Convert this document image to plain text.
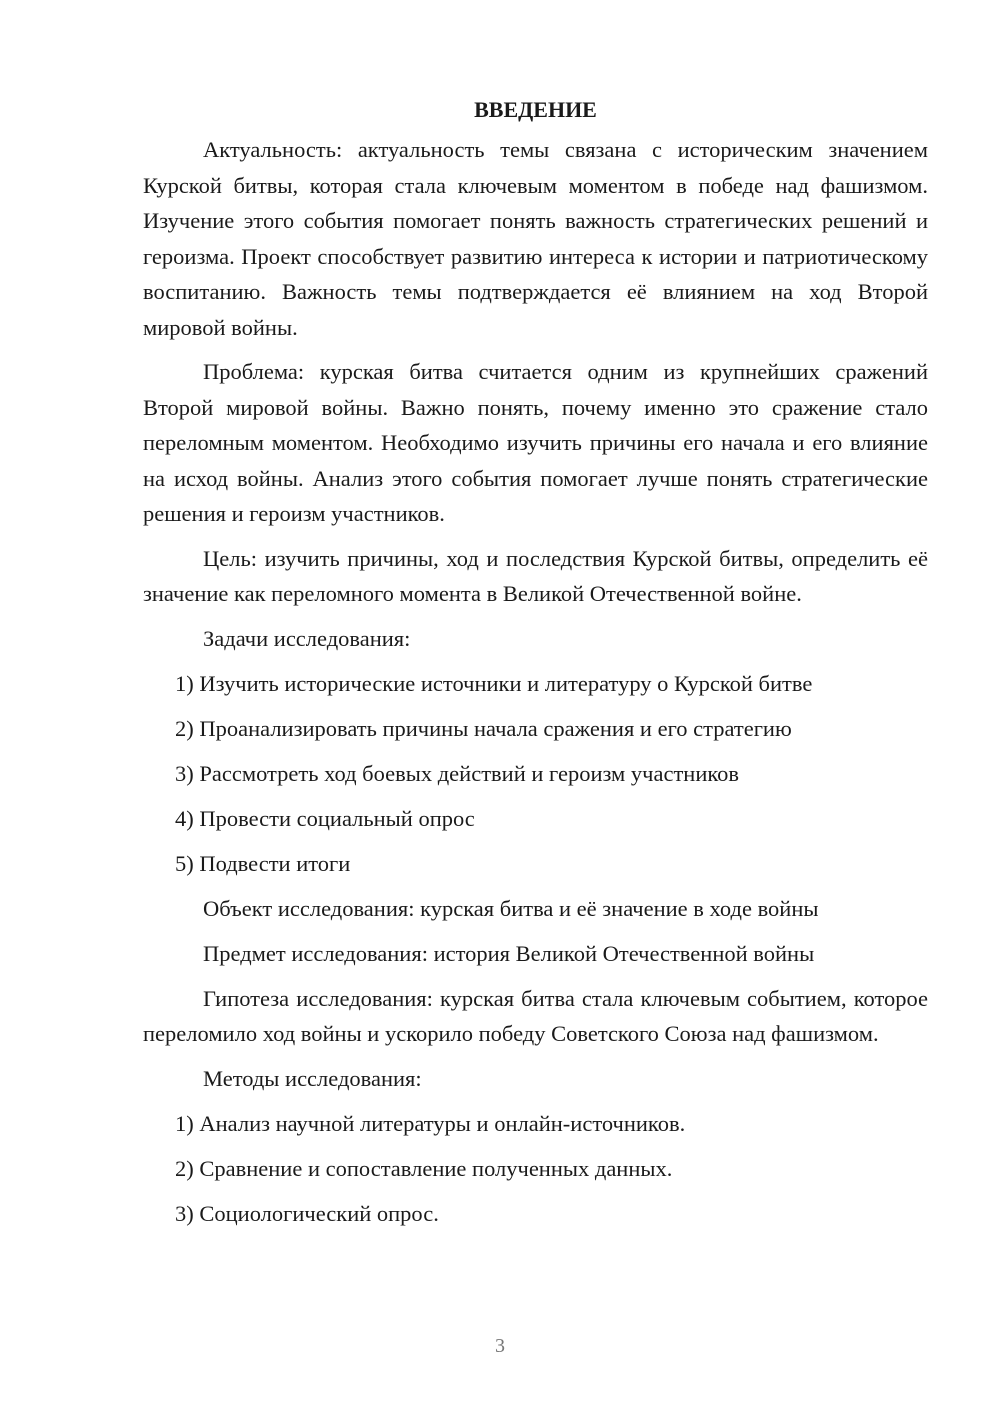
ВВЕДЕНИЕ
Актуальность: актуальность темы связана с историческим значением Курской битвы, которая стала ключевым моментом в победе над фашизмом. Изучение этого события помогает понять важность стратегических решений и героизма. Проект способствует развитию интереса к истории и патриотическому воспитанию. Важность темы подтверждается её влиянием на ход Второй мировой войны.
Проблема: курская битва считается одним из крупнейших сражений Второй мировой войны. Важно понять, почему именно это сражение стало переломным моментом. Необходимо изучить причины его начала и его влияние на исход войны. Анализ этого события помогает лучше понять стратегические решения и героизм участников.
Цель: изучить причины, ход и последствия Курской битвы, определить её значение как переломного момента в Великой Отечественной войне.
Задачи исследования:
1) Изучить исторические источники и литературу о Курской битве
2) Проанализировать причины начала сражения и его стратегию
3) Рассмотреть ход боевых действий и героизм участников
4) Провести социальный опрос
5) Подвести итоги
Объект исследования: курская битва и её значение в ходе войны
Предмет исследования: история Великой Отечественной войны
Гипотеза исследования: курская битва стала ключевым событием, которое переломило ход войны и ускорило победу Советского Союза над фашизмом.
Методы исследования:
1) Анализ научной литературы и онлайн-источников.
2) Сравнение и сопоставление полученных данных.
3) Социологический опрос.
3
